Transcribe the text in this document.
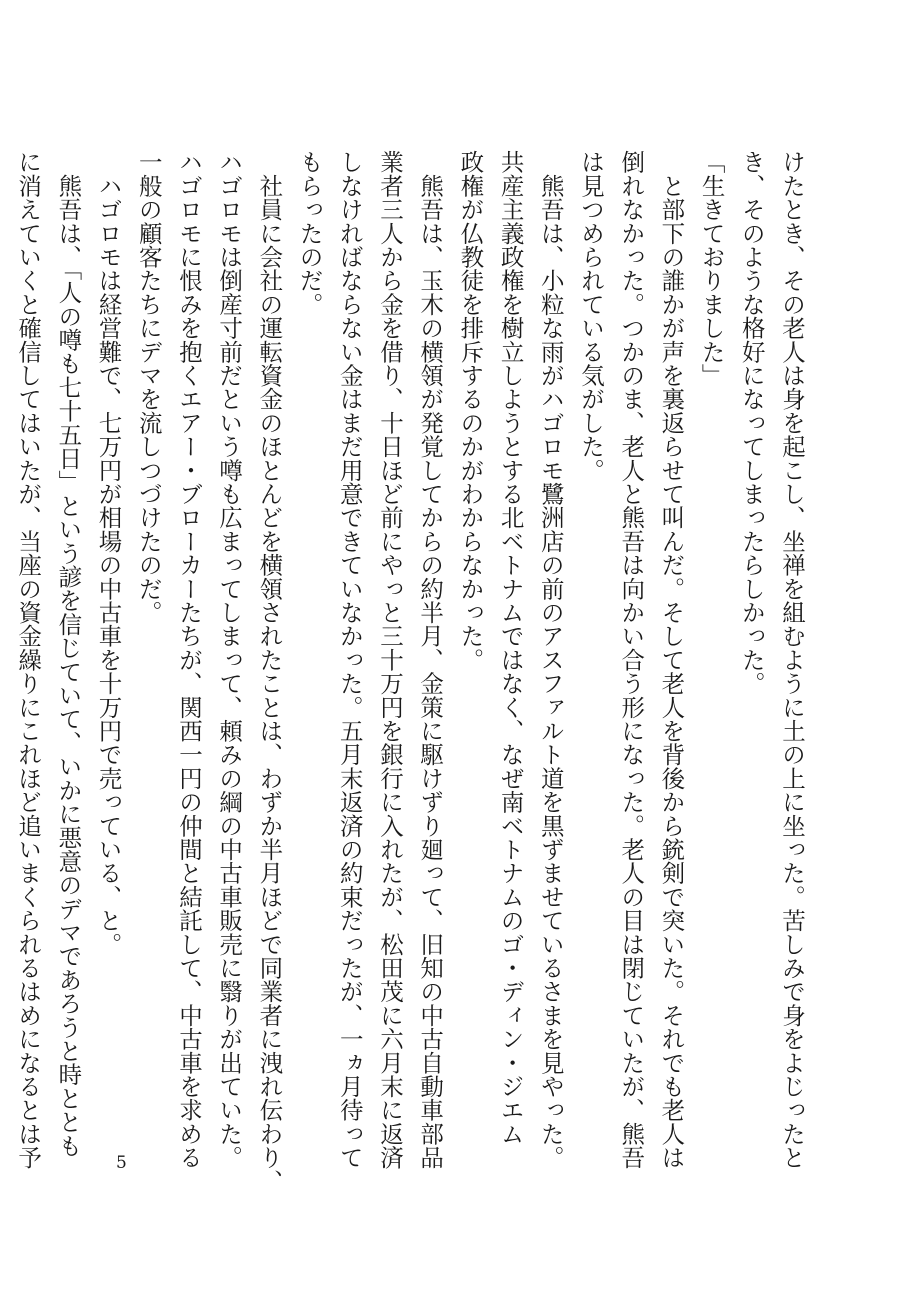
けたとき、その老人は身を起こし、坐禅を組むように土の上に坐った。苦しみで身をよじったと
き、そのような格好になってしまったらしかった。
「生きておりました」
　と部下の誰かが声を裏返らせて叫んだ。そして老人を背後から銃剣で突いた。それでも老人は
倒れなかった。つかのま、老人と熊吾は向かい合う形になった。老人の目は閉じていたが、熊吾
は見つめられている気がした。
　熊吾は、小粒な雨がハゴロモ鷺洲店の前のアスファルト道を黒ずませているさまを見やった。
共産主義政権を樹立しようとする北ベトナムではなく、なぜ南ベトナムのゴ・ディン・ジエム
政権が仏教徒を排斥するのかがわからなかった。
　熊吾は、玉木の横領が発覚してからの約半月、金策に駆けずり廻って、旧知の中古自動車部品
業者三人から金を借り、十日ほど前にやっと三十万円を銀行に入れたが、松田茂に六月末に返済
しなければならない金はまだ用意できていなかった。五月末返済の約束だったが、一ヵ月待って
もらったのだ。
　社員に会社の運転資金のほとんどを横領されたことは、わずか半月ほどで同業者に洩れ伝わり、
ハゴロモは倒産寸前だという噂も広まってしまって、頼みの綱の中古車販売に翳りが出ていた。
ハゴロモに恨みを抱くエアー・ブローカーたちが、関西一円の仲間と結託して、中古車を求める
一般の顧客たちにデマを流しつづけたのだ。
　ハゴロモは経営難で、七万円が相場の中古車を十万円で売っている、と。
　熊吾は、「人の噂も七十五日」という諺を信じていて、いかに悪意のデマであろうと時ととも
に消えていくと確信してはいたが、当座の資金繰りにこれほど追いまくられるはめになるとは予	5
